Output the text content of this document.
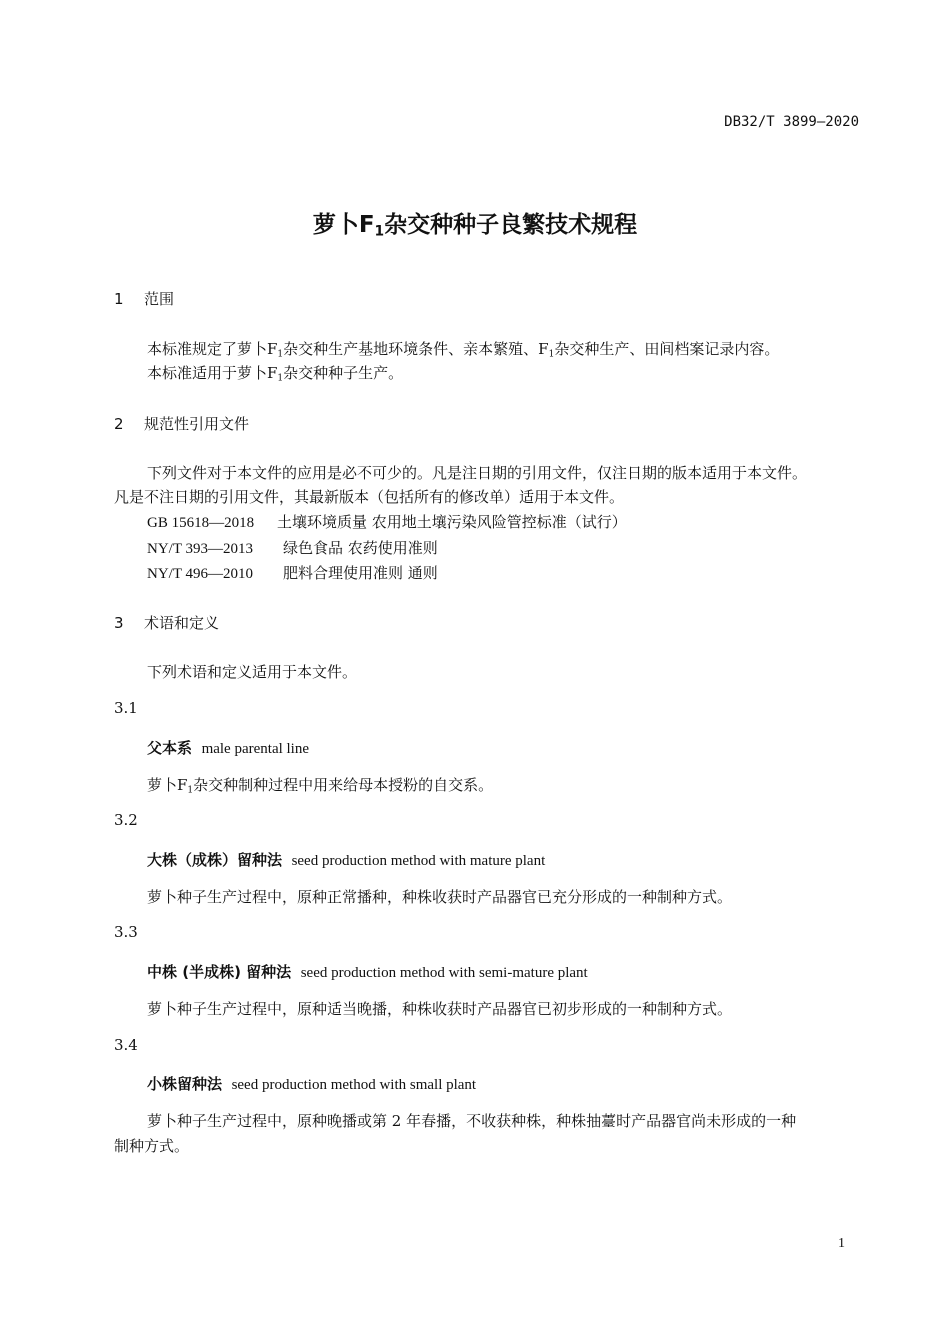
DB32/T 3899—2020
萝卜$F_1$杂交种种子良繁技术规程
1 范围
本标准规定了萝卜$F_1$杂交种生产基地环境条件、亲本繁殖、$F_1$杂交种生产、田间档案记录内容。
本标准适用于萝卜$F_1$杂交种种子生产。
2 规范性引用文件
下列文件对于本文件的应用是必不可少的。凡是注日期的引用文件，仅注日期的版本适用于本文件。
凡是不注日期的引用文件，其最新版本（包括所有的修改单）适用于本文件。
GB 15618—2018 土壤环境质量 农用地土壤污染风险管控标准（试行）
NY/T 393—2013 绿色食品 农药使用准则
NY/T 496—2010 肥料合理使用准则 通则
3 术语和定义
下列术语和定义适用于本文件。
3.1
父本系 male parental line
萝卜$F_1$杂交种制种过程中用来给母本授粉的自交系。
3.2
大株（成株）留种法 seed production method with mature plant
萝卜种子生产过程中，原种正常播种，种株收获时产品器官已充分形成的一种制种方式。
3.3
中株 (半成株) 留种法 seed production method with semi-mature plant
萝卜种子生产过程中，原种适当晚播，种株收获时产品器官已初步形成的一种制种方式。
3.4
小株留种法 seed production method with small plant
萝卜种子生产过程中，原种晚播或第 2 年春播，不收获种株，种株抽薹时产品器官尚未形成的一种
制种方式。
1
